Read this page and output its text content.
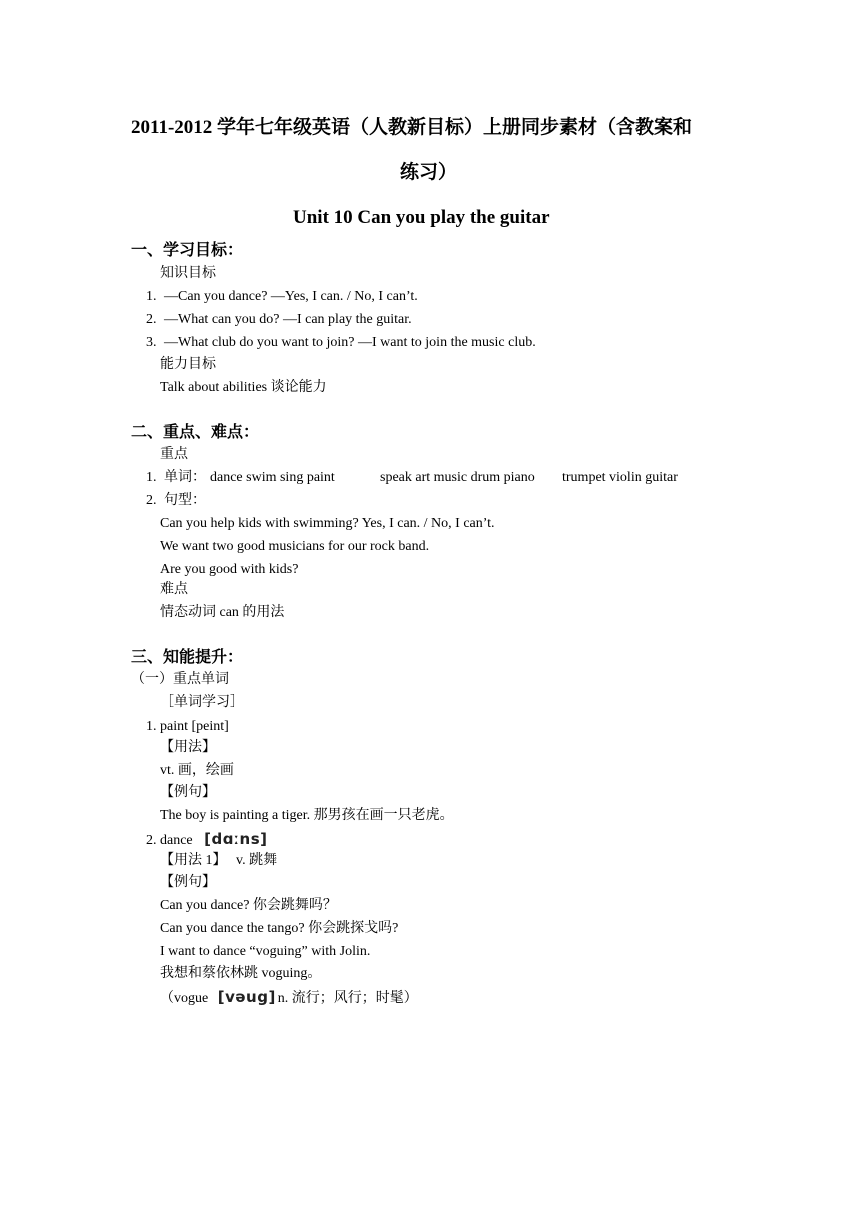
2011-2012 学年七年级英语（人教新目标）上册同步素材（含教案和
练习）
Unit 10 Can you play the guitar
一、学习目标：
知识目标
1. —Can you dance? —Yes, I can. / No, I can’t.
2. —What can you do? —I can play the guitar.
3. —What club do you want to join? —I want to join the music club.
能力目标
Talk about abilities 谈论能力
二、重点、难点：
重点
1. 单词： dance swim sing paint	speak art music drum piano trumpet violin guitar
2. 句型：
Can you help kids with swimming? Yes, I can. / No, I can’t.
We want two good musicians for our rock band.
Are you good with kids?
难点
情态动词 can 的用法
三、知能提升：
（一）重点单词
［单词学习］
1. paint [peint]
【用法】
vt. 画，绘画
【例句】
The boy is painting a tiger. 那男孩在画一只老虎。
2. dance [dɑːns]
【用法 1】 v. 跳舞
【例句】
Can you dance? 你会跳舞吗？
Can you dance the tango? 你会跳探戈吗?
I want to dance “voguing” with Jolin.
我想和蔡依林跳 voguing。
（vogue [vəug] n. 流行；风行；时髦）
